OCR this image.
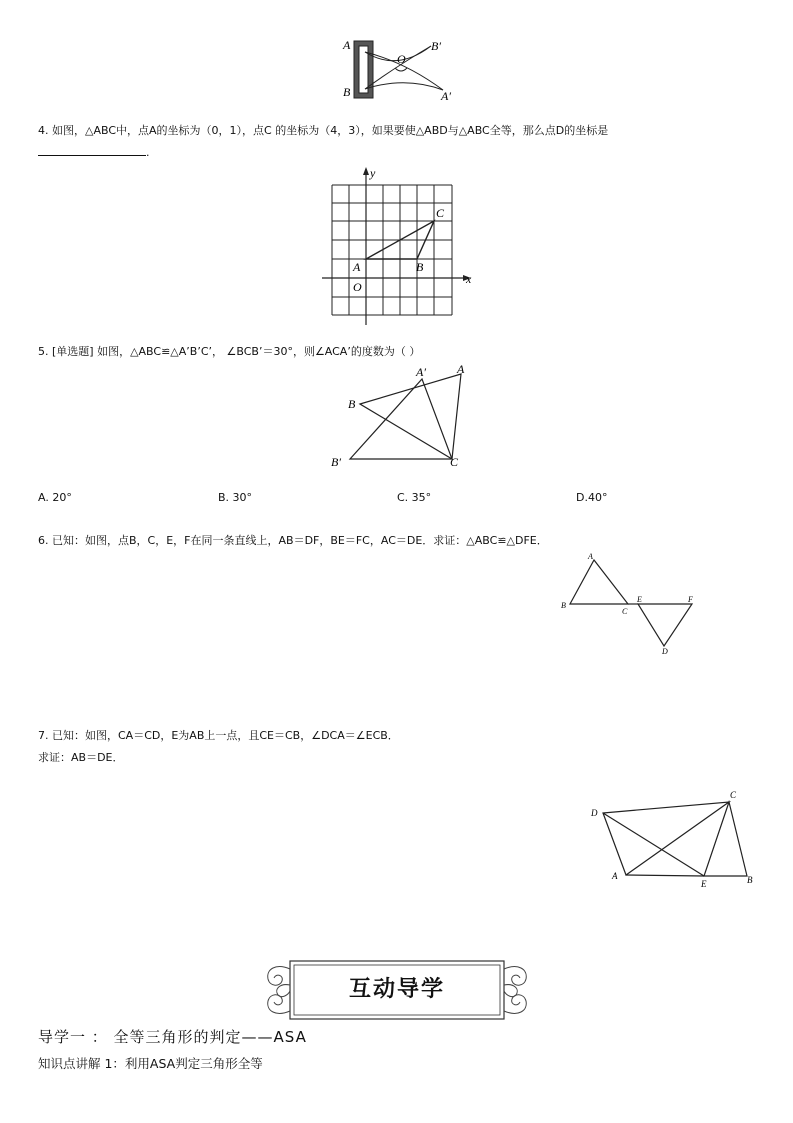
A
B
O
B′
A′
4. 如图，△ABC中，点A的坐标为（0，1），点C 的坐标为（4，3），如果要使△ABD与△ABC全等，那么点D的坐标是
.
y
x
A	B
C
O
5. [单选题] 如图，△ABC≌△A’B’C’， ∠BCB’＝30°，则∠ACA’的度数为（ ）
A′	A
B
B′	C
A. 20°	B. 30°	C. 35°	D.40°
6. 已知：如图，点B，C，E，F在同一条直线上，AB＝DF，BE＝FC，AC＝DE．求证：△ABC≌△DFE．
A
B
C
E	F
D
7. 已知：如图，CA＝CD，E为AB上一点，且CE＝CB，∠DCA＝∠ECB．
求证：AB＝DE．
D
C
A
E	B
互动导学
导学一 ： 全等三角形的判定——ASA
知识点讲解 1：利用ASA判定三角形全等
